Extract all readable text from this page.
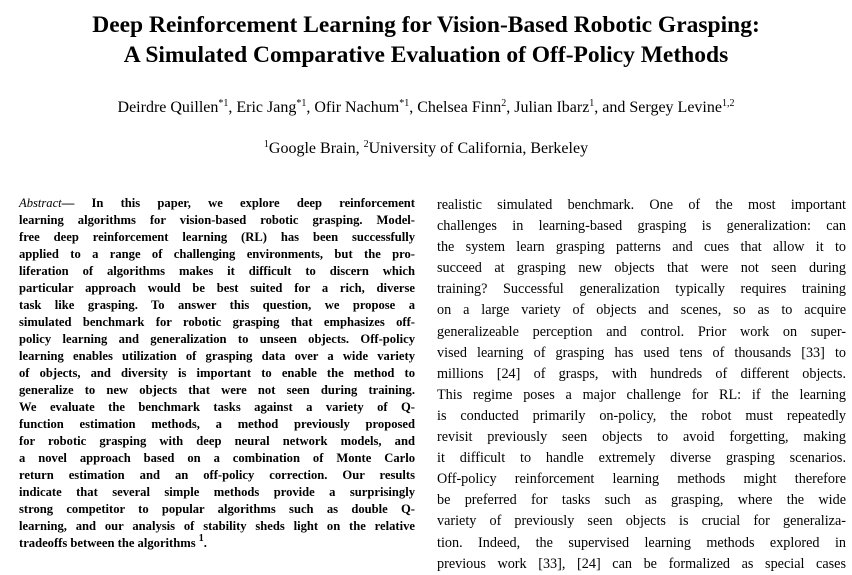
Deep Reinforcement Learning for Vision-Based Robotic Grasping:
A Simulated Comparative Evaluation of Off-Policy Methods
Deirdre Quillen$^{*1}$, Eric Jang$^{*1}$, Ofir Nachum$^{*1}$, Chelsea Finn$^2$, Julian Ibarz$^1$, and Sergey Levine$^{1,2}$
$^1$Google Brain, $^2$University of California, Berkeley
Abstract— In this paper, we explore deep reinforcement
learning algorithms for vision-based robotic grasping. Model-
free deep reinforcement learning (RL) has been successfully
applied to a range of challenging environments, but the pro-
liferation of algorithms makes it difficult to discern which
particular approach would be best suited for a rich, diverse
task like grasping. To answer this question, we propose a
simulated benchmark for robotic grasping that emphasizes off-
policy learning and generalization to unseen objects. Off-policy
learning enables utilization of grasping data over a wide variety
of objects, and diversity is important to enable the method to
generalize to new objects that were not seen during training.
We evaluate the benchmark tasks against a variety of Q-
function estimation methods, a method previously proposed
for robotic grasping with deep neural network models, and
a novel approach based on a combination of Monte Carlo
return estimation and an off-policy correction. Our results
indicate that several simple methods provide a surprisingly
strong competitor to popular algorithms such as double Q-
learning, and our analysis of stability sheds light on the relative
tradeoffs between the algorithms $^1$.
realistic simulated benchmark. One of the most important
challenges in learning-based grasping is generalization: can
the system learn grasping patterns and cues that allow it to
succeed at grasping new objects that were not seen during
training? Successful generalization typically requires training
on a large variety of objects and scenes, so as to acquire
generalizeable perception and control. Prior work on super-
vised learning of grasping has used tens of thousands [33] to
millions [24] of grasps, with hundreds of different objects.
This regime poses a major challenge for RL: if the learning
is conducted primarily on-policy, the robot must repeatedly
revisit previously seen objects to avoid forgetting, making
it difficult to handle extremely diverse grasping scenarios.
Off-policy reinforcement learning methods might therefore
be preferred for tasks such as grasping, where the wide
variety of previously seen objects is crucial for generaliza-
tion. Indeed, the supervised learning methods explored in
previous work [33], [24] can be formalized as special cases
